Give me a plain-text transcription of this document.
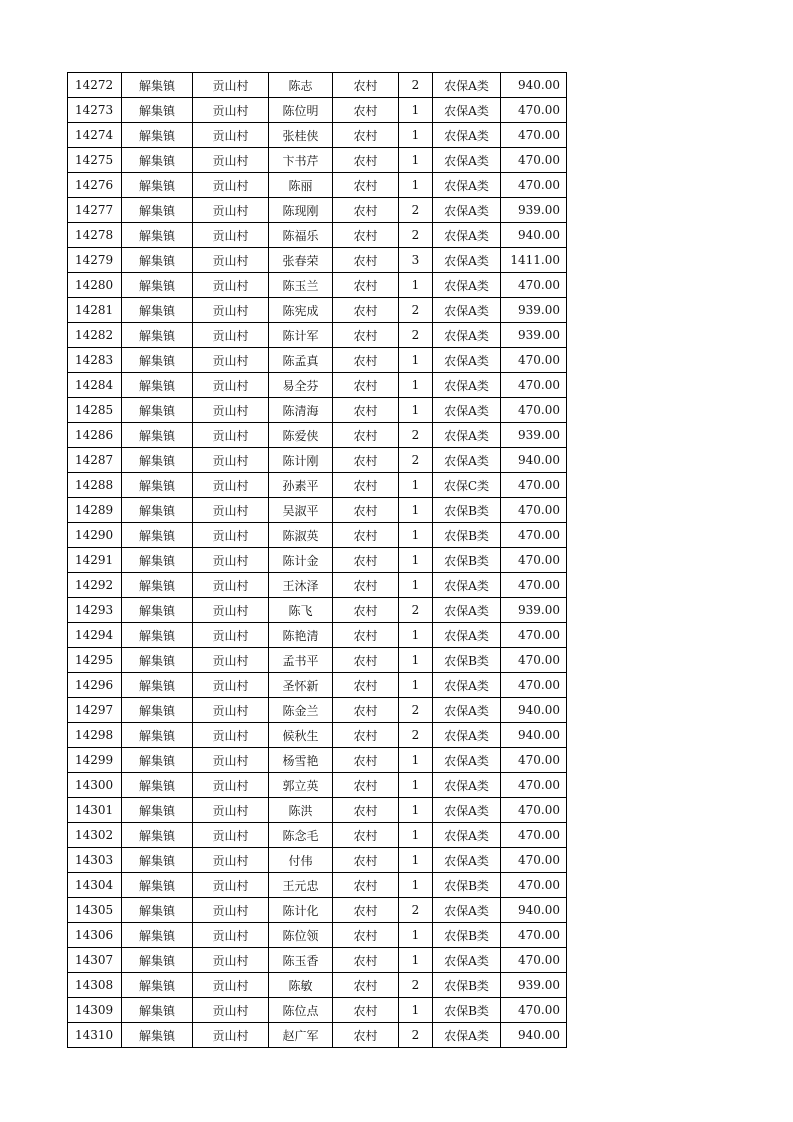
14272	解集镇	贡山村	陈志	农村	2	农保A类	940.00
14273	解集镇	贡山村	陈位明	农村	1	农保A类	470.00
14274	解集镇	贡山村	张桂侠	农村	1	农保A类	470.00
14275	解集镇	贡山村	卞书芹	农村	1	农保A类	470.00
14276	解集镇	贡山村	陈丽	农村	1	农保A类	470.00
14277	解集镇	贡山村	陈现刚	农村	2	农保A类	939.00
14278	解集镇	贡山村	陈福乐	农村	2	农保A类	940.00
14279	解集镇	贡山村	张春荣	农村	3	农保A类	1411.00
14280	解集镇	贡山村	陈玉兰	农村	1	农保A类	470.00
14281	解集镇	贡山村	陈宪成	农村	2	农保A类	939.00
14282	解集镇	贡山村	陈计军	农村	2	农保A类	939.00
14283	解集镇	贡山村	陈孟真	农村	1	农保A类	470.00
14284	解集镇	贡山村	易全芬	农村	1	农保A类	470.00
14285	解集镇	贡山村	陈清海	农村	1	农保A类	470.00
14286	解集镇	贡山村	陈爱侠	农村	2	农保A类	939.00
14287	解集镇	贡山村	陈计刚	农村	2	农保A类	940.00
14288	解集镇	贡山村	孙素平	农村	1	农保C类	470.00
14289	解集镇	贡山村	吴淑平	农村	1	农保B类	470.00
14290	解集镇	贡山村	陈淑英	农村	1	农保B类	470.00
14291	解集镇	贡山村	陈计金	农村	1	农保B类	470.00
14292	解集镇	贡山村	王沐泽	农村	1	农保A类	470.00
14293	解集镇	贡山村	陈飞	农村	2	农保A类	939.00
14294	解集镇	贡山村	陈艳清	农村	1	农保A类	470.00
14295	解集镇	贡山村	孟书平	农村	1	农保B类	470.00
14296	解集镇	贡山村	圣怀新	农村	1	农保A类	470.00
14297	解集镇	贡山村	陈金兰	农村	2	农保A类	940.00
14298	解集镇	贡山村	候秋生	农村	2	农保A类	940.00
14299	解集镇	贡山村	杨雪艳	农村	1	农保A类	470.00
14300	解集镇	贡山村	郭立英	农村	1	农保A类	470.00
14301	解集镇	贡山村	陈洪	农村	1	农保A类	470.00
14302	解集镇	贡山村	陈念毛	农村	1	农保A类	470.00
14303	解集镇	贡山村	付伟	农村	1	农保A类	470.00
14304	解集镇	贡山村	王元忠	农村	1	农保B类	470.00
14305	解集镇	贡山村	陈计化	农村	2	农保A类	940.00
14306	解集镇	贡山村	陈位领	农村	1	农保B类	470.00
14307	解集镇	贡山村	陈玉香	农村	1	农保A类	470.00
14308	解集镇	贡山村	陈敏	农村	2	农保B类	939.00
14309	解集镇	贡山村	陈位点	农村	1	农保B类	470.00
14310	解集镇	贡山村	赵广军	农村	2	农保A类	940.00
